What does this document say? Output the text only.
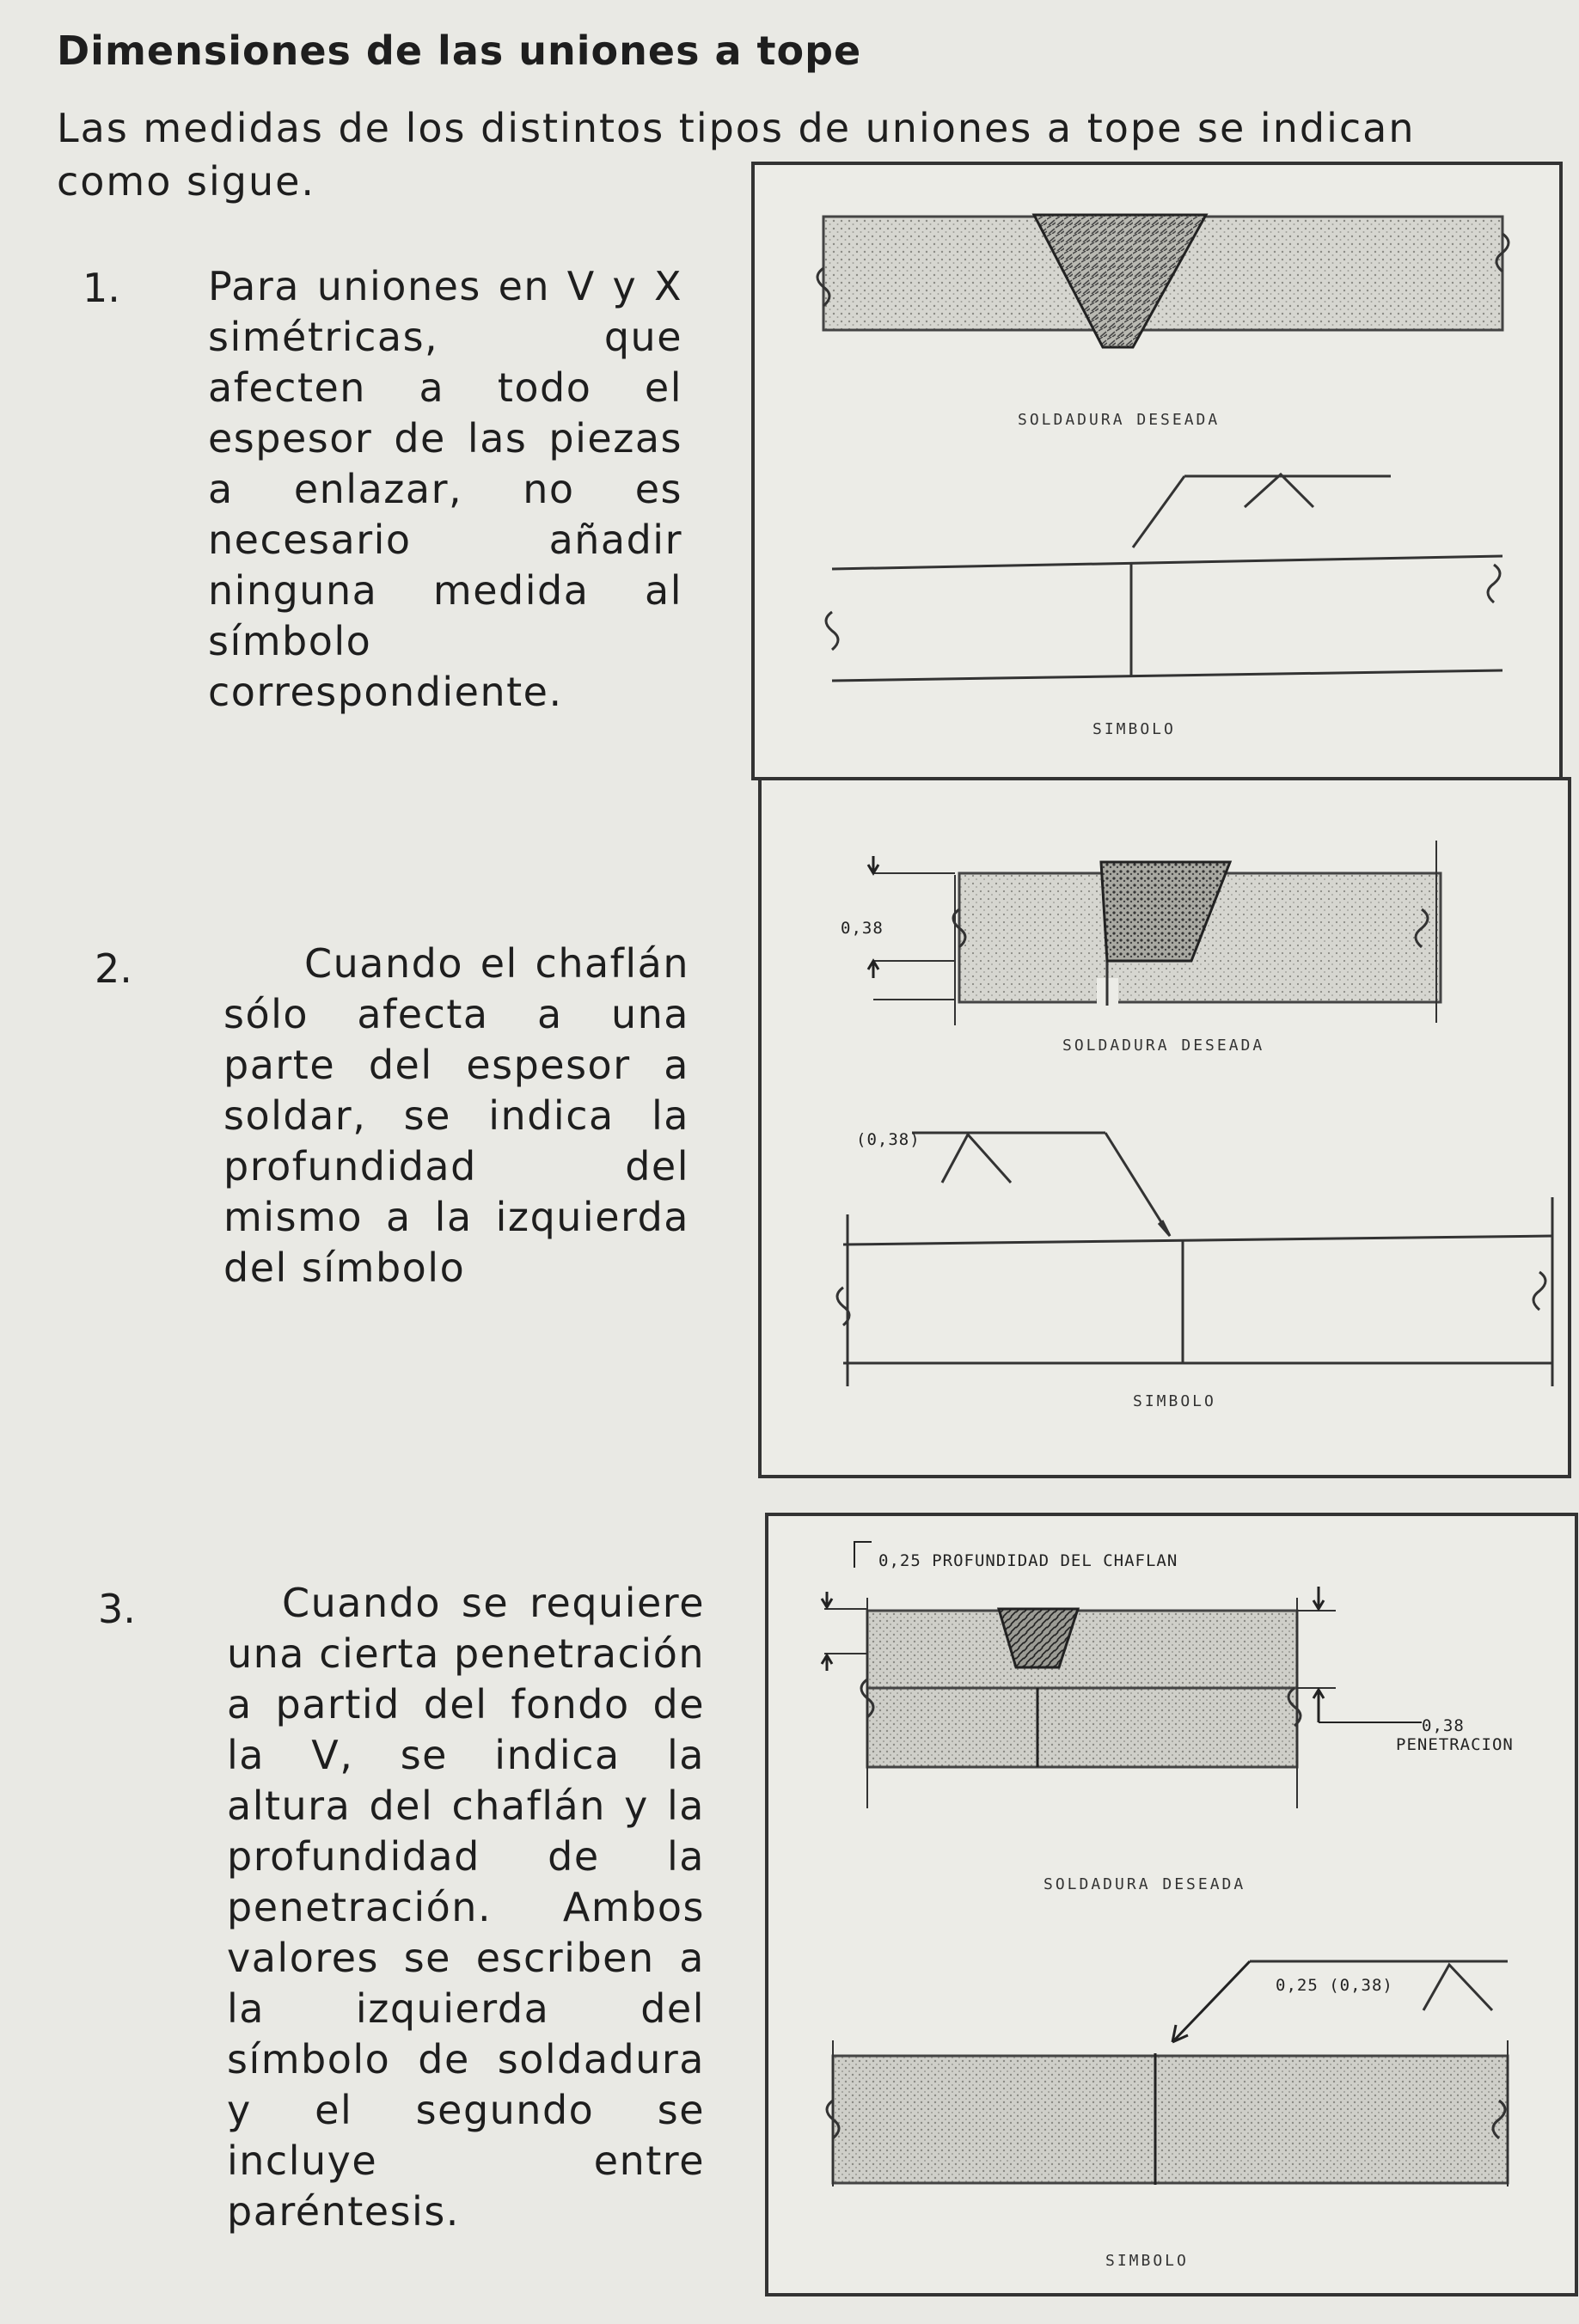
Dimensiones de las uniones a tope
Las medidas de los distintos tipos de uniones a tope se indican como sigue.
1. Para uniones en V y X simétricas, que afecten a todo el espesor de las piezas a enlazar, no es necesario añadir ninguna medida al símbolo correspondiente.
2.	Cuando el chaflán sólo afecta a una parte del espesor a soldar, se indica la profundidad del mismo a la izquierda del símbolo
3.	Cuando se requiere una cierta penetración a partid del fondo de la V, se indica la altura del chaflán y la profundidad de la penetración. Ambos valores se escriben a la izquierda del símbolo de soldadura y el segundo se incluye entre paréntesis.
SOLDADURA DESEADA
SIMBOLO
0,38
SOLDADURA DESEADA
(0,38)
SIMBOLO
0,25 PROFUNDIDAD DEL CHAFLAN
0,38
PENETRACION
SOLDADURA DESEADA
0,25 (0,38)
SIMBOLO
